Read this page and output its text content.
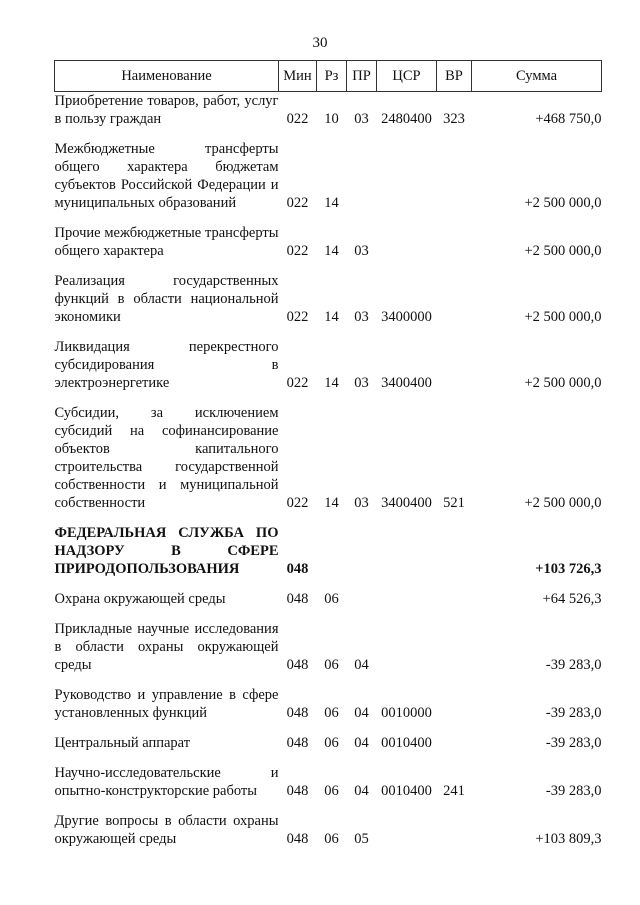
30
Наименование	Мин	Рз	ПР	ЦСР	ВР	Сумма
Приобретение товаров, работ, услуг в пользу граждан	022	10	03	2480400	323	+468 750,0

Межбюджетные трансферты общего характера бюджетам субъектов Российской Федерации и муниципальных образований	022	14				+2 500 000,0

Прочие межбюджетные трансферты общего характера	022	14	03			+2 500 000,0

Реализация государственных функций в области национальной экономики	022	14	03	3400000		+2 500 000,0

Ликвидация перекрестного субсидирования в электроэнергетике	022	14	03	3400400		+2 500 000,0

Субсидии, за исключением субсидий на софинансирование объектов капитального строительства государственной собственности и муниципальной собственности	022	14	03	3400400	521	+2 500 000,0

ФЕДЕРАЛЬНАЯ СЛУЖБА ПО НАДЗОРУ В СФЕРЕ ПРИРОДОПОЛЬЗОВАНИЯ	048					+103 726,3

Охрана окружающей среды	048	06				+64 526,3

Прикладные научные исследования в области охраны окружающей среды	048	06	04			-39 283,0

Руководство и управление в сфере установленных функций	048	06	04	0010000		-39 283,0

Центральный аппарат	048	06	04	0010400		-39 283,0

Научно-исследовательские и опытно-конструкторские работы	048	06	04	0010400	241	-39 283,0

Другие вопросы в области охраны окружающей среды	048	06	05			+103 809,3
